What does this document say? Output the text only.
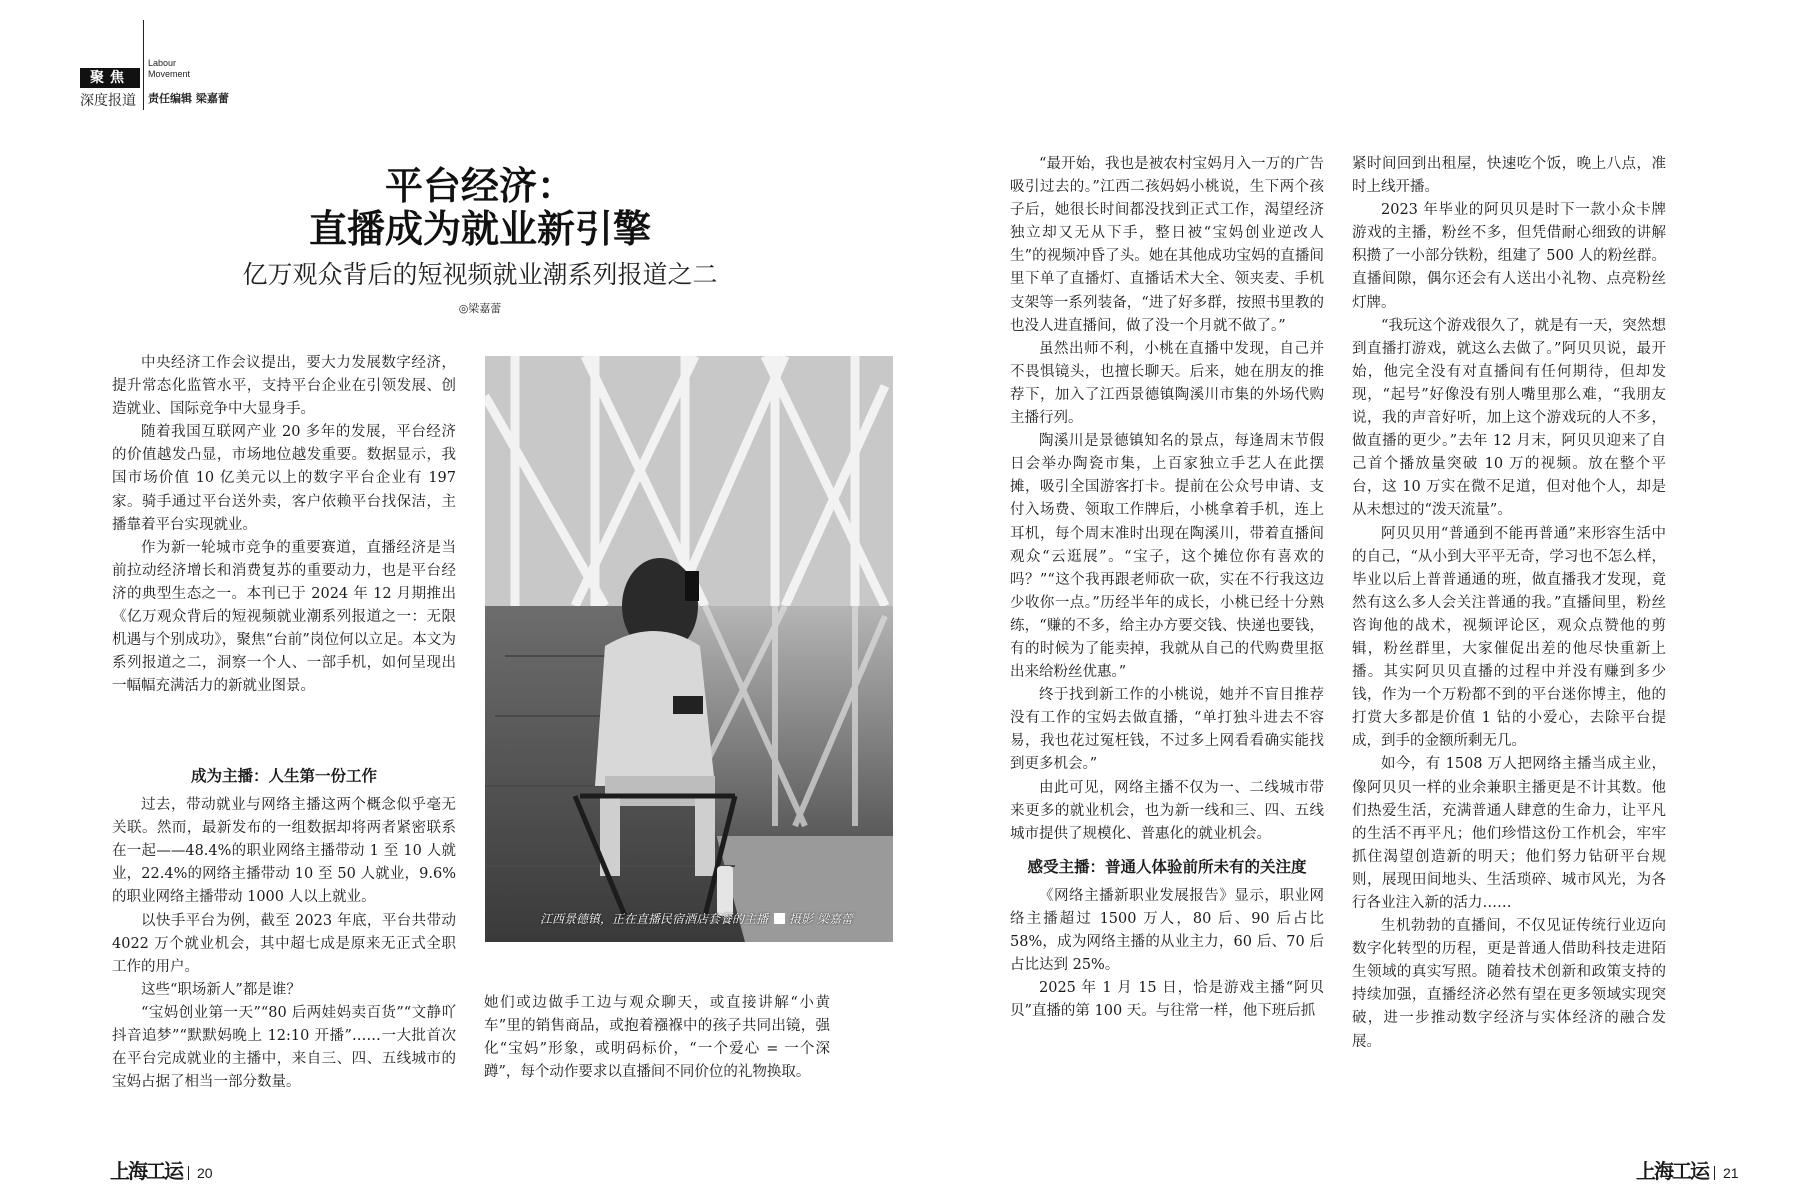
聚焦
深度报道
Labour
Movement
责任编辑 梁嘉蕾
平台经济：
直播成为就业新引擎
亿万观众背后的短视频就业潮系列报道之二
◎梁嘉蕾

中央经济工作会议提出，要大力发展数字经济，提升常态化监管水平，支持平台企业在引领发展、创造就业、国际竞争中大显身手。

随着我国互联网产业 20 多年的发展，平台经济的价值越发凸显，市场地位越发重要。数据显示，我国市场价值 10 亿美元以上的数字平台企业有 197 家。骑手通过平台送外卖，客户依赖平台找保洁，主播靠着平台实现就业。

作为新一轮城市竞争的重要赛道，直播经济是当前拉动经济增长和消费复苏的重要动力，也是平台经济的典型生态之一。本刊已于 2024 年 12 月期推出《亿万观众背后的短视频就业潮系列报道之一：无限机遇与个别成功》，聚焦“台前”岗位何以立足。本文为系列报道之二，洞察一个人、一部手机，如何呈现出一幅幅充满活力的新就业图景。

成为主播：人生第一份工作

过去，带动就业与网络主播这两个概念似乎毫无关联。然而，最新发布的一组数据却将两者紧密联系在一起——48.4%的职业网络主播带动 1 至 10 人就业，22.4%的网络主播带动 10 至 50 人就业，9.6%的职业网络主播带动 1000 人以上就业。

以快手平台为例，截至 2023 年底，平台共带动4022 万个就业机会，其中超七成是原来无正式全职工作的用户。

这些“职场新人”都是谁？

“宝妈创业第一天”“80 后两娃妈卖百货”“文静吖抖音追梦”“默默妈晚上 12:10 开播”……一大批首次在平台完成就业的主播中，来自三、四、五线城市的宝妈占据了相当一部分数量。

江西景德镇，正在直播民宿酒店套餐的主播 摄影 梁嘉蕾

她们或边做手工边与观众聊天，或直接讲解“小黄车”里的销售商品，或抱着襁褓中的孩子共同出镜，强化“宝妈”形象，或明码标价，“一个爱心 = 一个深蹲”，每个动作要求以直播间不同价位的礼物换取。

“最开始，我也是被农村宝妈月入一万的广告吸引过去的。”江西二孩妈妈小桃说，生下两个孩子后，她很长时间都没找到正式工作，渴望经济独立却又无从下手，整日被“宝妈创业逆改人生”的视频冲昏了头。她在其他成功宝妈的直播间里下单了直播灯、直播话术大全、领夹麦、手机支架等一系列装备，“进了好多群，按照书里教的也没人进直播间，做了没一个月就不做了。”

虽然出师不利，小桃在直播中发现，自己并不畏惧镜头，也擅长聊天。后来，她在朋友的推荐下，加入了江西景德镇陶溪川市集的外场代购主播行列。

陶溪川是景德镇知名的景点，每逢周末节假日会举办陶瓷市集，上百家独立手艺人在此摆摊，吸引全国游客打卡。提前在公众号申请、支付入场费、领取工作牌后，小桃拿着手机，连上耳机，每个周末准时出现在陶溪川，带着直播间观众“云逛展”。“宝子，这个摊位你有喜欢的吗？”“这个我再跟老师砍一砍，实在不行我这边少收你一点。”历经半年的成长，小桃已经十分熟练，“赚的不多，给主办方要交钱、快递也要钱，有的时候为了能卖掉，我就从自己的代购费里抠出来给粉丝优惠。”

终于找到新工作的小桃说，她并不盲目推荐没有工作的宝妈去做直播，“单打独斗进去不容易，我也花过冤枉钱，不过多上网看看确实能找到更多机会。”

由此可见，网络主播不仅为一、二线城市带来更多的就业机会，也为新一线和三、四、五线城市提供了规模化、普惠化的就业机会。

感受主播：普通人体验前所未有的关注度

《网络主播新职业发展报告》显示，职业网络主播超过 1500 万人，80 后、90 后占比 58%，成为网络主播的从业主力，60 后、70 后占比达到 25%。

2025 年 1 月 15 日，恰是游戏主播“阿贝贝”直播的第 100 天。与往常一样，他下班后抓

紧时间回到出租屋，快速吃个饭，晚上八点，准时上线开播。

2023 年毕业的阿贝贝是时下一款小众卡牌游戏的主播，粉丝不多，但凭借耐心细致的讲解积攒了一小部分铁粉，组建了 500 人的粉丝群。直播间隙，偶尔还会有人送出小礼物、点亮粉丝灯牌。

“我玩这个游戏很久了，就是有一天，突然想到直播打游戏，就这么去做了。”阿贝贝说，最开始，他完全没有对直播间有任何期待，但却发现，“起号”好像没有别人嘴里那么难，“我朋友说，我的声音好听，加上这个游戏玩的人不多，做直播的更少。”去年 12 月末，阿贝贝迎来了自己首个播放量突破 10 万的视频。放在整个平台，这 10 万实在微不足道，但对他个人，却是从未想过的“泼天流量”。

阿贝贝用“普通到不能再普通”来形容生活中的自己，“从小到大平平无奇，学习也不怎么样，毕业以后上普普通通的班，做直播我才发现，竟然有这么多人会关注普通的我。”直播间里，粉丝咨询他的战术，视频评论区，观众点赞他的剪辑，粉丝群里，大家催促出差的他尽快重新上播。其实阿贝贝直播的过程中并没有赚到多少钱，作为一个万粉都不到的平台迷你博主，他的打赏大多都是价值 1 钻的小爱心，去除平台提成，到手的金额所剩无几。

如今，有 1508 万人把网络主播当成主业，像阿贝贝一样的业余兼职主播更是不计其数。他们热爱生活，充满普通人肆意的生命力，让平凡的生活不再平凡；他们珍惜这份工作机会，牢牢抓住渴望创造新的明天；他们努力钻研平台规则，展现田间地头、生活琐碎、城市风光，为各行各业注入新的活力……

生机勃勃的直播间，不仅见证传统行业迈向数字化转型的历程，更是普通人借助科技走进陌生领域的真实写照。随着技术创新和政策支持的持续加强，直播经济必然有望在更多领域实现突破，进一步推动数字经济与实体经济的融合发展。

上海工运 20	上海工运 21
